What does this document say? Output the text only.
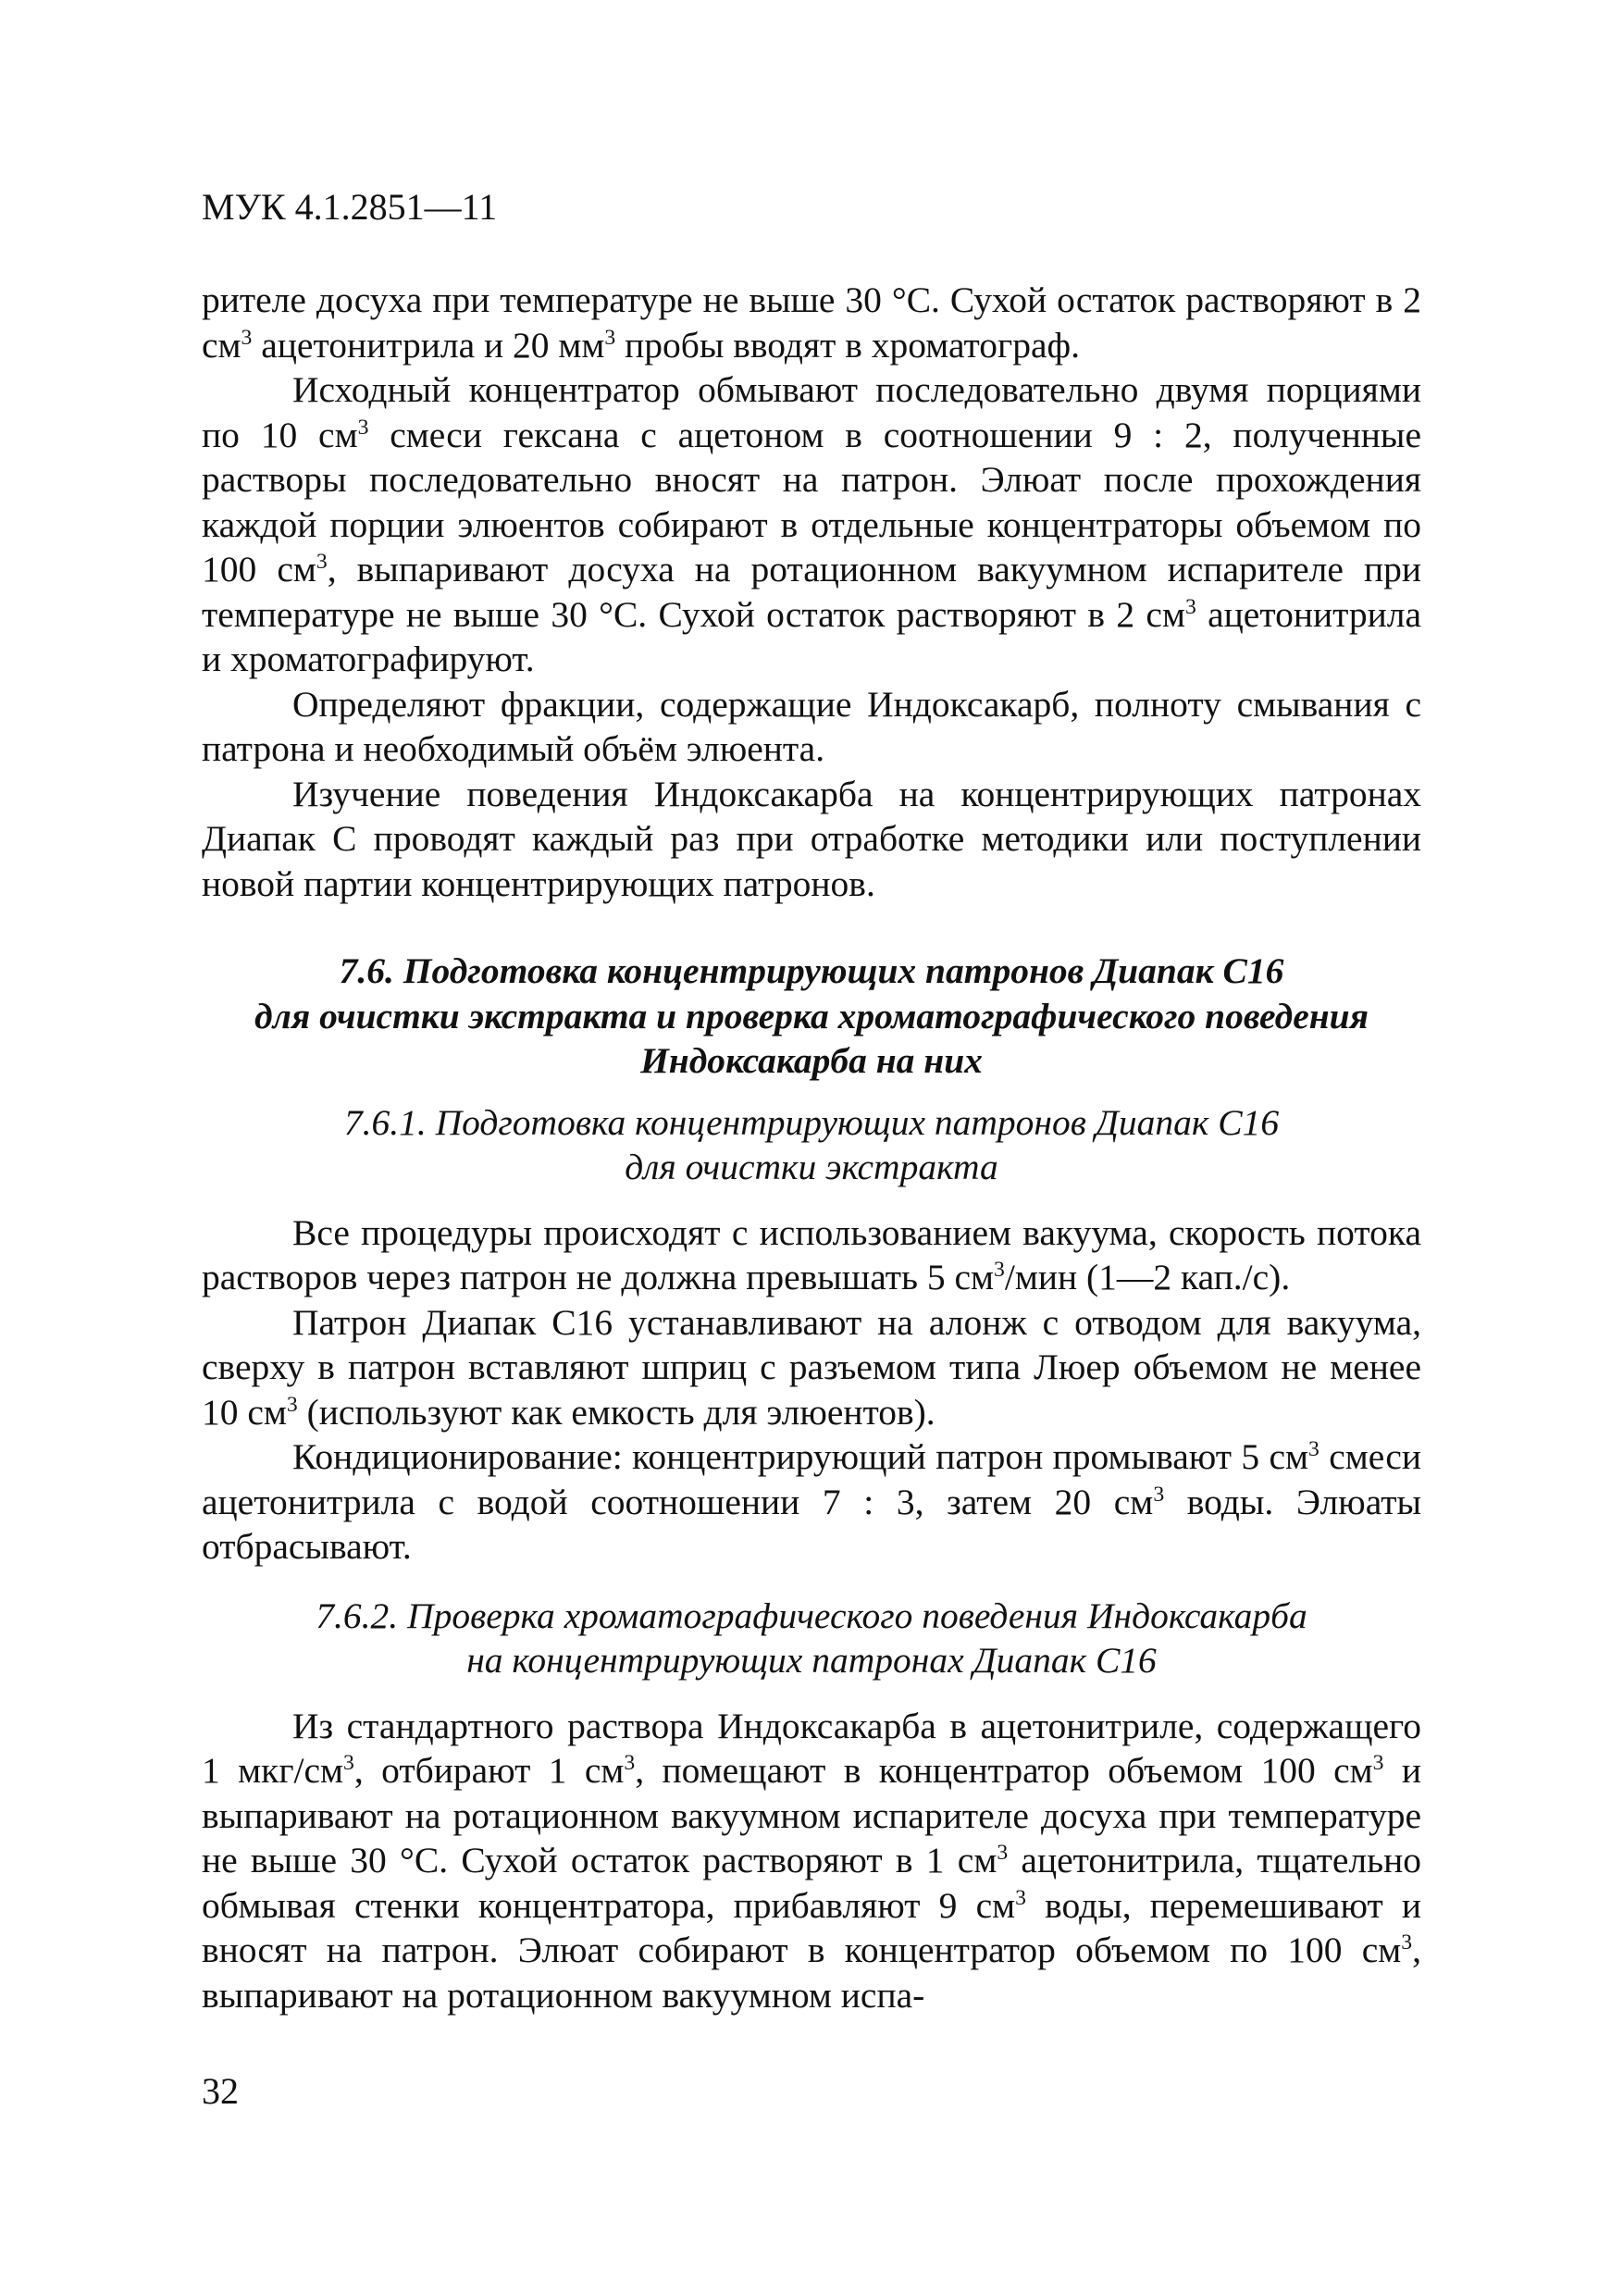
МУК 4.1.2851—11

рителе досуха при температуре не выше 30 °С. Сухой остаток растворяют в 2 $см^3$ ацетонитрила и 20 $мм^3$ пробы вводят в хроматограф.

Исходный концентратор обмывают последовательно двумя порциями по 10 $см^3$ смеси гексана с ацетоном в соотношении 9 : 2, полученные растворы последовательно вносят на патрон. Элюат после прохождения каждой порции элюентов собирают в отдельные концентраторы объемом по 100 $см^3$, выпаривают досуха на ротационном вакуумном испарителе при температуре не выше 30 °С. Сухой остаток растворяют в 2 $см^3$ ацетонитрила и хроматографируют.

Определяют фракции, содержащие Индоксакарб, полноту смывания с патрона и необходимый объём элюента.

Изучение поведения Индоксакарба на концентрирующих патронах Диапак С проводят каждый раз при отработке методики или поступлении новой партии концентрирующих патронов.

7.6. Подготовка концентрирующих патронов Диапак С16
для очистки экстракта и проверка хроматографического поведения
Индоксакарба на них
7.6.1. Подготовка концентрирующих патронов Диапак С16
для очистки экстракта

Все процедуры происходят с использованием вакуума, скорость потока растворов через патрон не должна превышать 5 $см^3$/мин (1—2 кап./с).

Патрон Диапак С16 устанавливают на алонж с отводом для вакуума, сверху в патрон вставляют шприц с разъемом типа Люер объемом не менее 10 $см^3$ (используют как емкость для элюентов).

Кондиционирование: концентрирующий патрон промывают 5 $см^3$ смеси ацетонитрила с водой соотношении 7 : 3, затем 20 $см^3$ воды. Элюаты отбрасывают.

7.6.2. Проверка хроматографического поведения Индоксакарба
на концентрирующих патронах Диапак С16

Из стандартного раствора Индоксакарба в ацетонитриле, содержащего 1 мкг/$см^3$, отбирают 1 $см^3$, помещают в концентратор объемом 100 $см^3$ и выпаривают на ротационном вакуумном испарителе досуха при температуре не выше 30 °С. Сухой остаток растворяют в 1 $см^3$ ацетонитрила, тщательно обмывая стенки концентратора, прибавляют 9 $см^3$ воды, перемешивают и вносят на патрон. Элюат собирают в концентратор объемом по 100 $см^3$, выпаривают на ротационном вакуумном испа-

32
